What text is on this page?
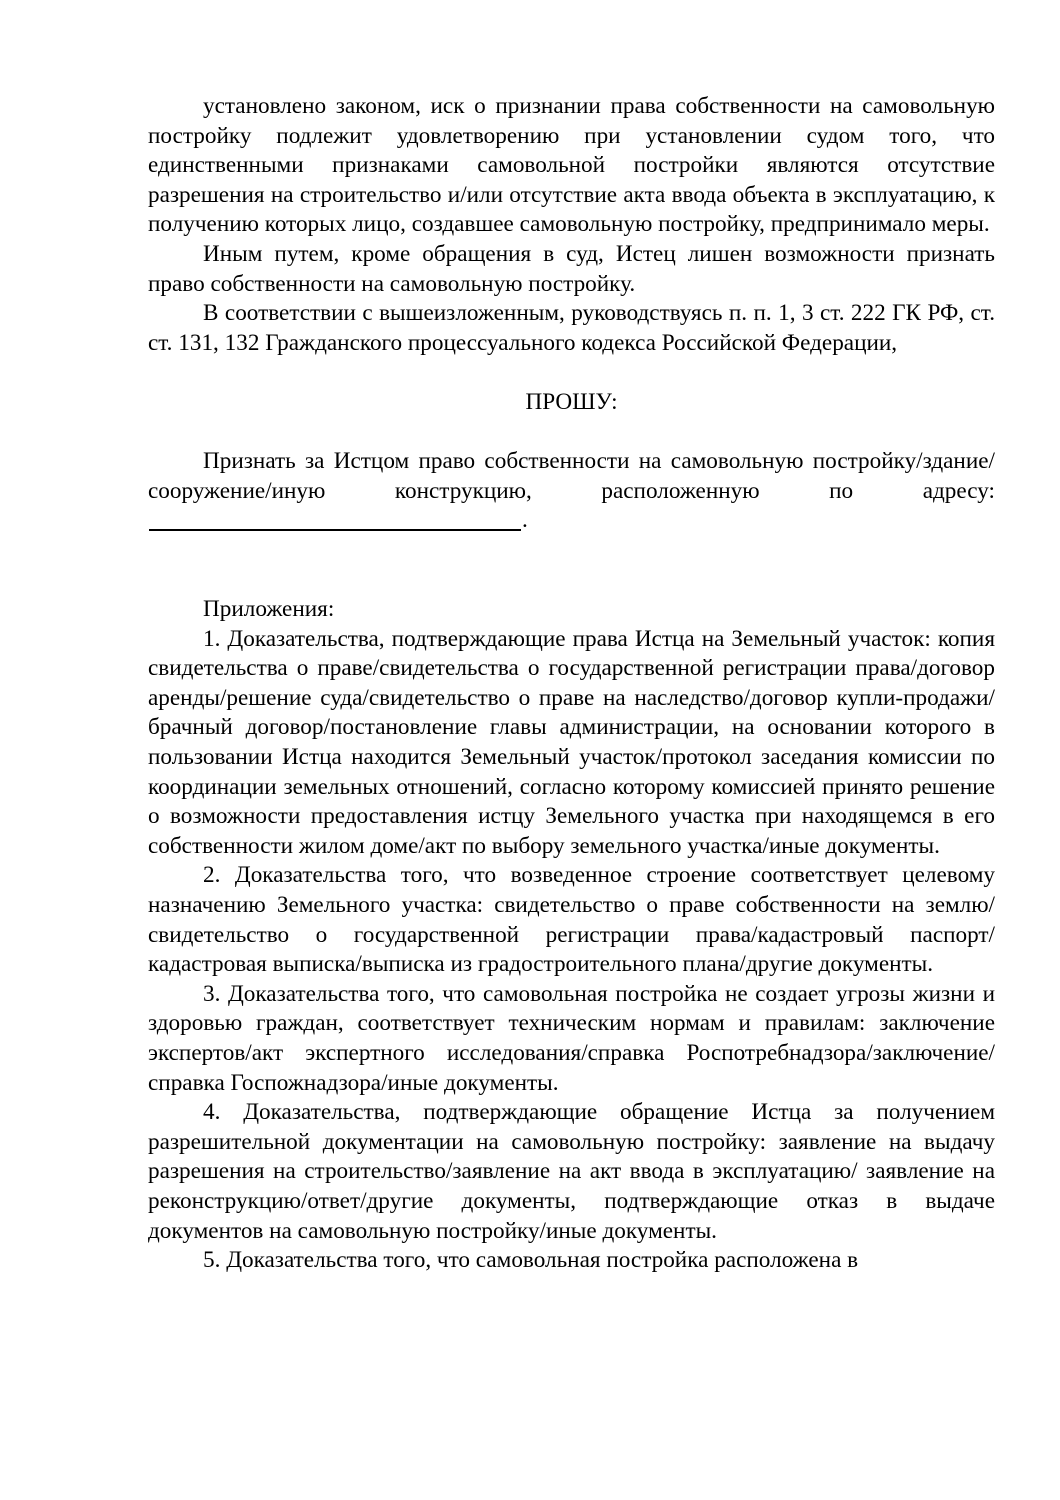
установлено законом, иск о признании права собственности на самовольную постройку подлежит удовлетворению при установлении судом того, что единственными признаками самовольной постройки являются отсутствие разрешения на строительство и/или отсутствие акта ввода объекта в эксплуатацию, к получению которых лицо, создавшее самовольную постройку, предпринимало меры.

Иным путем, кроме обращения в суд, Истец лишен возможности признать право собственности на самовольную постройку.

В соответствии с вышеизложенным, руководствуясь п. п. 1, 3 ст. 222 ГК РФ, ст. ст. 131, 132 Гражданского процессуального кодекса Российской Федерации,

ПРОШУ:

Признать за Истцом право собственности на самовольную постройку/здание/сооружение/иную конструкцию, расположенную по адресу:.

Приложения:

1. Доказательства, подтверждающие права Истца на Земельный участок: копия свидетельства о праве/свидетельства о государственной регистрации права/договор аренды/решение суда/свидетельство о праве на наследство/договор купли-продажи/брачный договор/постановление главы администрации, на основании которого в пользовании Истца находится Земельный участок/протокол заседания комиссии по координации земельных отношений, согласно которому комиссией принято решение о возможности предоставления истцу Земельного участка при находящемся в его собственности жилом доме/акт по выбору земельного участка/иные документы.

2. Доказательства того, что возведенное строение соответствует целевому назначению Земельного участка: свидетельство о праве собственности на землю/свидетельство о государственной регистрации права/кадастровый паспорт/кадастровая выписка/выписка из градостроительного плана/другие документы.

3. Доказательства того, что самовольная постройка не создает угрозы жизни и здоровью граждан, соответствует техническим нормам и правилам: заключение экспертов/акт экспертного исследования/справка Роспотребнадзора/заключение/справка Госпожнадзора/иные документы.

4. Доказательства, подтверждающие обращение Истца за получением разрешительной документации на самовольную постройку: заявление на выдачу разрешения на строительство/заявление на акт ввода в эксплуатацию/ заявление на реконструкцию/ответ/другие документы, подтверждающие отказ в выдаче документов на самовольную постройку/иные документы.

5. Доказательства того, что самовольная постройка расположена в
